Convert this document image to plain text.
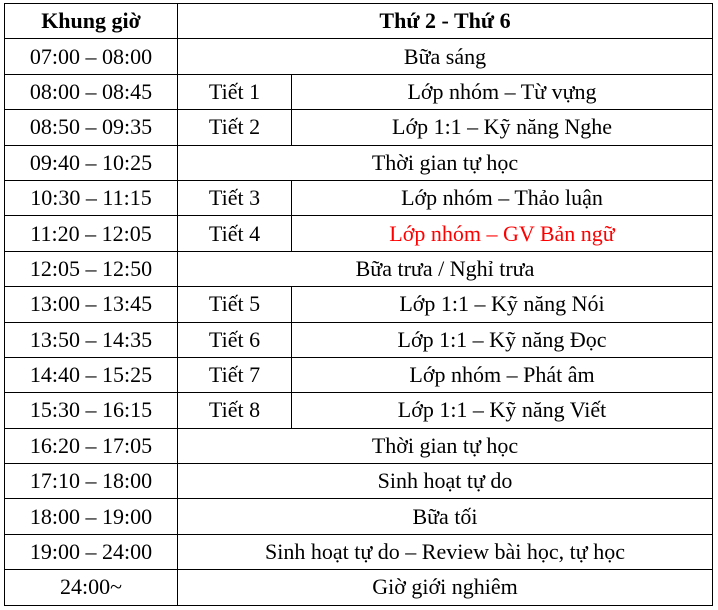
Khung giờ	Thứ 2 - Thứ 6	
07:00 – 08:00	Bữa sáng	
08:00 – 08:45	Tiết 1	Lớp nhóm – Từ vựng
08:50 – 09:35	Tiết 2	Lớp 1:1 – Kỹ năng Nghe
09:40 – 10:25	Thời gian tự học	
10:30 – 11:15	Tiết 3	Lớp nhóm – Thảo luận
11:20 – 12:05	Tiết 4	Lớp nhóm – GV Bản ngữ
12:05 – 12:50	Bữa trưa / Nghỉ trưa	
13:00 – 13:45	Tiết 5	Lớp 1:1 – Kỹ năng Nói
13:50 – 14:35	Tiết 6	Lớp 1:1 – Kỹ năng Đọc
14:40 – 15:25	Tiết 7	Lớp nhóm – Phát âm
15:30 – 16:15	Tiết 8	Lớp 1:1 – Kỹ năng Viết
16:20 – 17:05	Thời gian tự học	
17:10 – 18:00	Sinh hoạt tự do	
18:00 – 19:00	Bữa tối	
19:00 – 24:00	Sinh hoạt tự do – Review bài học, tự học	
24:00~	Giờ giới nghiêm	
